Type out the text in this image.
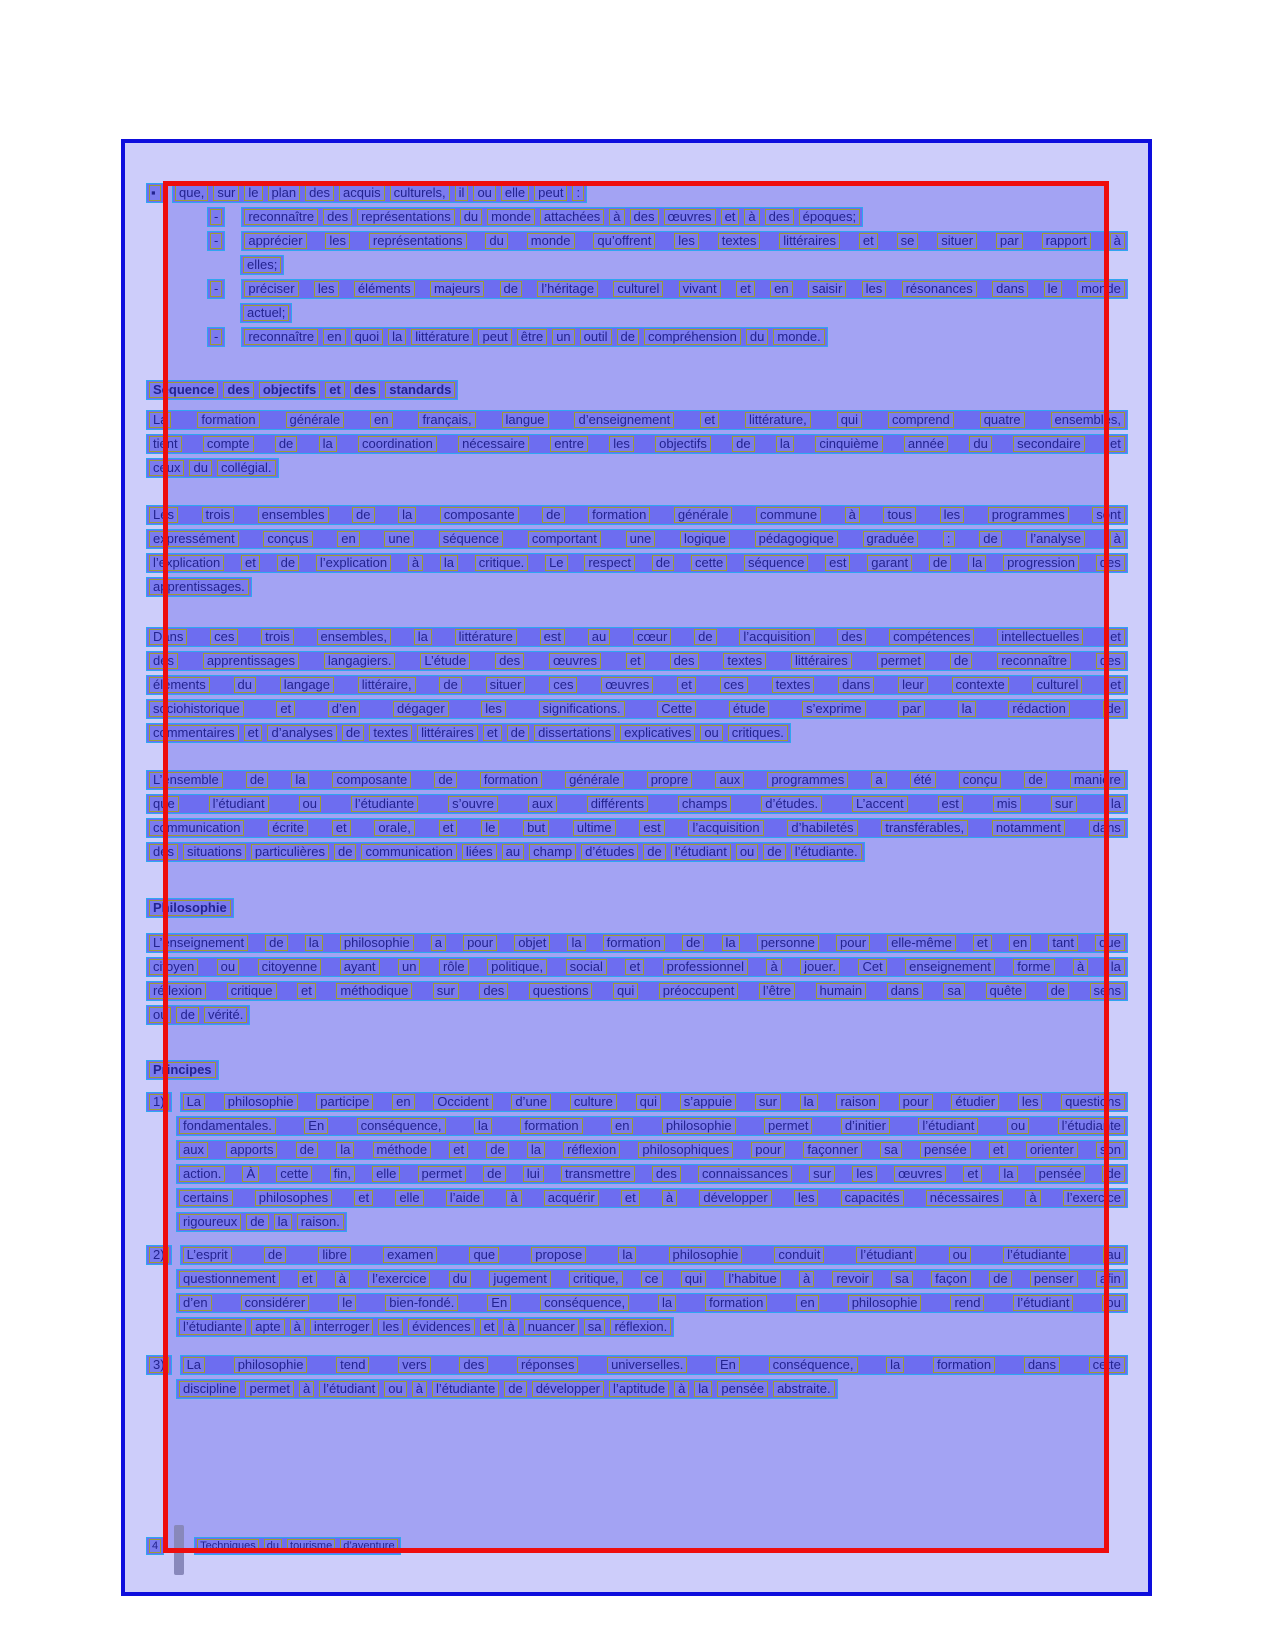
▪	que,	sur	le	plan	des	acquis	culturels,	il	ou	elle	peut	:
-	reconnaître	des	représentations	du	monde	attachées	à	des	œuvres	et	à	des	époques;
-	apprécier	les	représentations	du	monde	qu’offrent	les	textes	littéraires	et	se	situer	par	rapport	à
elles;
-	préciser	les	éléments	majeurs	de	l’héritage	culturel	vivant	et	en	saisir	les	résonances	dans	le	monde
actuel;
-	reconnaître	en	quoi	la	littérature	peut	être	un	outil	de	compréhension	du	monde.
Séquence	des	objectifs	et	des	standards
La	formation	générale	en	français,	langue	d’enseignement	et	littérature,	qui	comprend	quatre	ensembles,
tient	compte	de	la	coordination	nécessaire	entre	les	objectifs	de	la	cinquième	année	du	secondaire	et
ceux	du	collégial.
Les	trois	ensembles	de	la	composante	de	formation	générale	commune	à	tous	les	programmes	sont
expressément	conçus	en	une	séquence	comportant	une	logique	pédagogique	graduée	:	de	l’analyse	à
l’explication	et	de	l’explication	à	la	critique.	Le	respect	de	cette	séquence	est	garant	de	la	progression	des
apprentissages.
Dans	ces	trois	ensembles,	la	littérature	est	au	cœur	de	l’acquisition	des	compétences	intellectuelles	et
des	apprentissages	langagiers.	L’étude	des	œuvres	et	des	textes	littéraires	permet	de	reconnaître	des
éléments	du	langage	littéraire,	de	situer	ces	œuvres	et	ces	textes	dans	leur	contexte	culturel	et
sociohistorique	et	d’en	dégager	les	significations.	Cette	étude	s’exprime	par	la	rédaction	de
commentaires	et	d’analyses	de	textes	littéraires	et	de	dissertations	explicatives	ou	critiques.
L’ensemble	de	la	composante	de	formation	générale	propre	aux	programmes	a	été	conçu	de	manière
que	l’étudiant	ou	l’étudiante	s’ouvre	aux	différents	champs	d’études.	L’accent	est	mis	sur	la
communication	écrite	et	orale,	et	le	but	ultime	est	l’acquisition	d’habiletés	transférables,	notamment	dans
des	situations	particulières	de	communication	liées	au	champ	d’études	de	l’étudiant	ou	de	l’étudiante.
Philosophie
L’enseignement	de	la	philosophie	a	pour	objet	la	formation	de	la	personne	pour	elle-même	et	en	tant	que
citoyen	ou	citoyenne	ayant	un	rôle	politique,	social	et	professionnel	à	jouer.	Cet	enseignement	forme	à	la
réflexion	critique	et	méthodique	sur	des	questions	qui	préoccupent	l’être	humain	dans	sa	quête	de	sens
ou	de	vérité.
Principes
1)	La	philosophie	participe	en	Occident	d’une	culture	qui	s’appuie	sur	la	raison	pour	étudier	les	questions
fondamentales.	En	conséquence,	la	formation	en	philosophie	permet	d’initier	l’étudiant	ou	l’étudiante
aux	apports	de	la	méthode	et	de	la	réflexion	philosophiques	pour	façonner	sa	pensée	et	orienter	son
action.	À	cette	fin,	elle	permet	de	lui	transmettre	des	connaissances	sur	les	œuvres	et	la	pensée	de
certains	philosophes	et	elle	l’aide	à	acquérir	et	à	développer	les	capacités	nécessaires	à	l’exercice
rigoureux	de	la	raison.
2)	L’esprit	de	libre	examen	que	propose	la	philosophie	conduit	l’étudiant	ou	l’étudiante	au
questionnement	et	à	l’exercice	du	jugement	critique,	ce	qui	l’habitue	à	revoir	sa	façon	de	penser	afin
d’en	considérer	le	bien-fondé.	En	conséquence,	la	formation	en	philosophie	rend	l’étudiant	ou
l’étudiante	apte	à	interroger	les	évidences	et	à	nuancer	sa	réflexion.
3)	La	philosophie	tend	vers	des	réponses	universelles.	En	conséquence,	la	formation	dans	cette
discipline	permet	à	l’étudiant	ou	à	l’étudiante	de	développer	l’aptitude	à	la	pensée	abstraite.
4	Techniques du tourisme d’aventure
